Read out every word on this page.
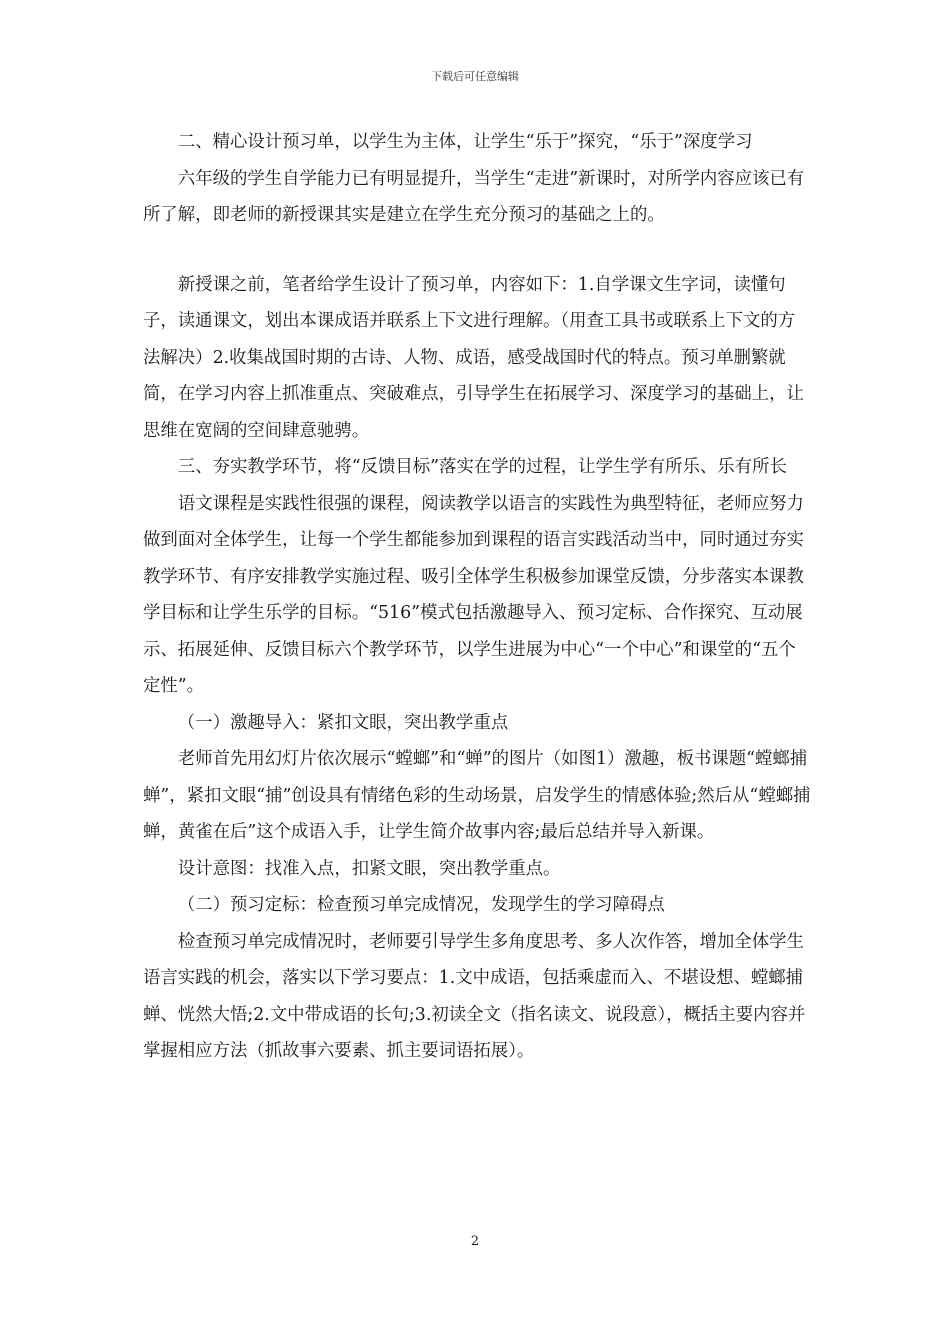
下载后可任意编辑

二、精心设计预习单，以学生为主体，让学生“乐于”探究，“乐于”深度学习

六年级的学生自学能力已有明显提升，当学生“走进”新课时，对所学内容应该已有所了解，即老师的新授课其实是建立在学生充分预习的基础之上的。

新授课之前，笔者给学生设计了预习单，内容如下：1.自学课文生字词，读懂句子，读通课文，划出本课成语并联系上下文进行理解。（用查工具书或联系上下文的方法解决）2.收集战国时期的古诗、人物、成语，感受战国时代的特点。预习单删繁就简，在学习内容上抓准重点、突破难点，引导学生在拓展学习、深度学习的基础上，让思维在宽阔的空间肆意驰骋。

三、夯实教学环节，将“反馈目标”落实在学的过程，让学生学有所乐、乐有所长

语文课程是实践性很强的课程，阅读教学以语言的实践性为典型特征，老师应努力做到面对全体学生，让每一个学生都能参加到课程的语言实践活动当中，同时通过夯实教学环节、有序安排教学实施过程、吸引全体学生积极参加课堂反馈，分步落实本课教学目标和让学生乐学的目标。“516”模式包括激趣导入、预习定标、合作探究、互动展示、拓展延伸、反馈目标六个教学环节，以学生进展为中心“一个中心”和课堂的“五个定性”。

（一）激趣导入：紧扣文眼，突出教学重点

老师首先用幻灯片依次展示“螳螂”和“蝉”的图片（如图1）激趣，板书课题“螳螂捕蝉”，紧扣文眼“捕”创设具有情绪色彩的生动场景，启发学生的情感体验;然后从“螳螂捕蝉，黄雀在后”这个成语入手，让学生简介故事内容;最后总结并导入新课。

设计意图：找准入点，扣紧文眼，突出教学重点。

（二）预习定标：检查预习单完成情况，发现学生的学习障碍点

检查预习单完成情况时，老师要引导学生多角度思考、多人次作答，增加全体学生语言实践的机会，落实以下学习要点：1.文中成语，包括乘虚而入、不堪设想、螳螂捕蝉、恍然大悟;2.文中带成语的长句;3.初读全文（指名读文、说段意），概括主要内容并掌握相应方法（抓故事六要素、抓主要词语拓展）。

2
